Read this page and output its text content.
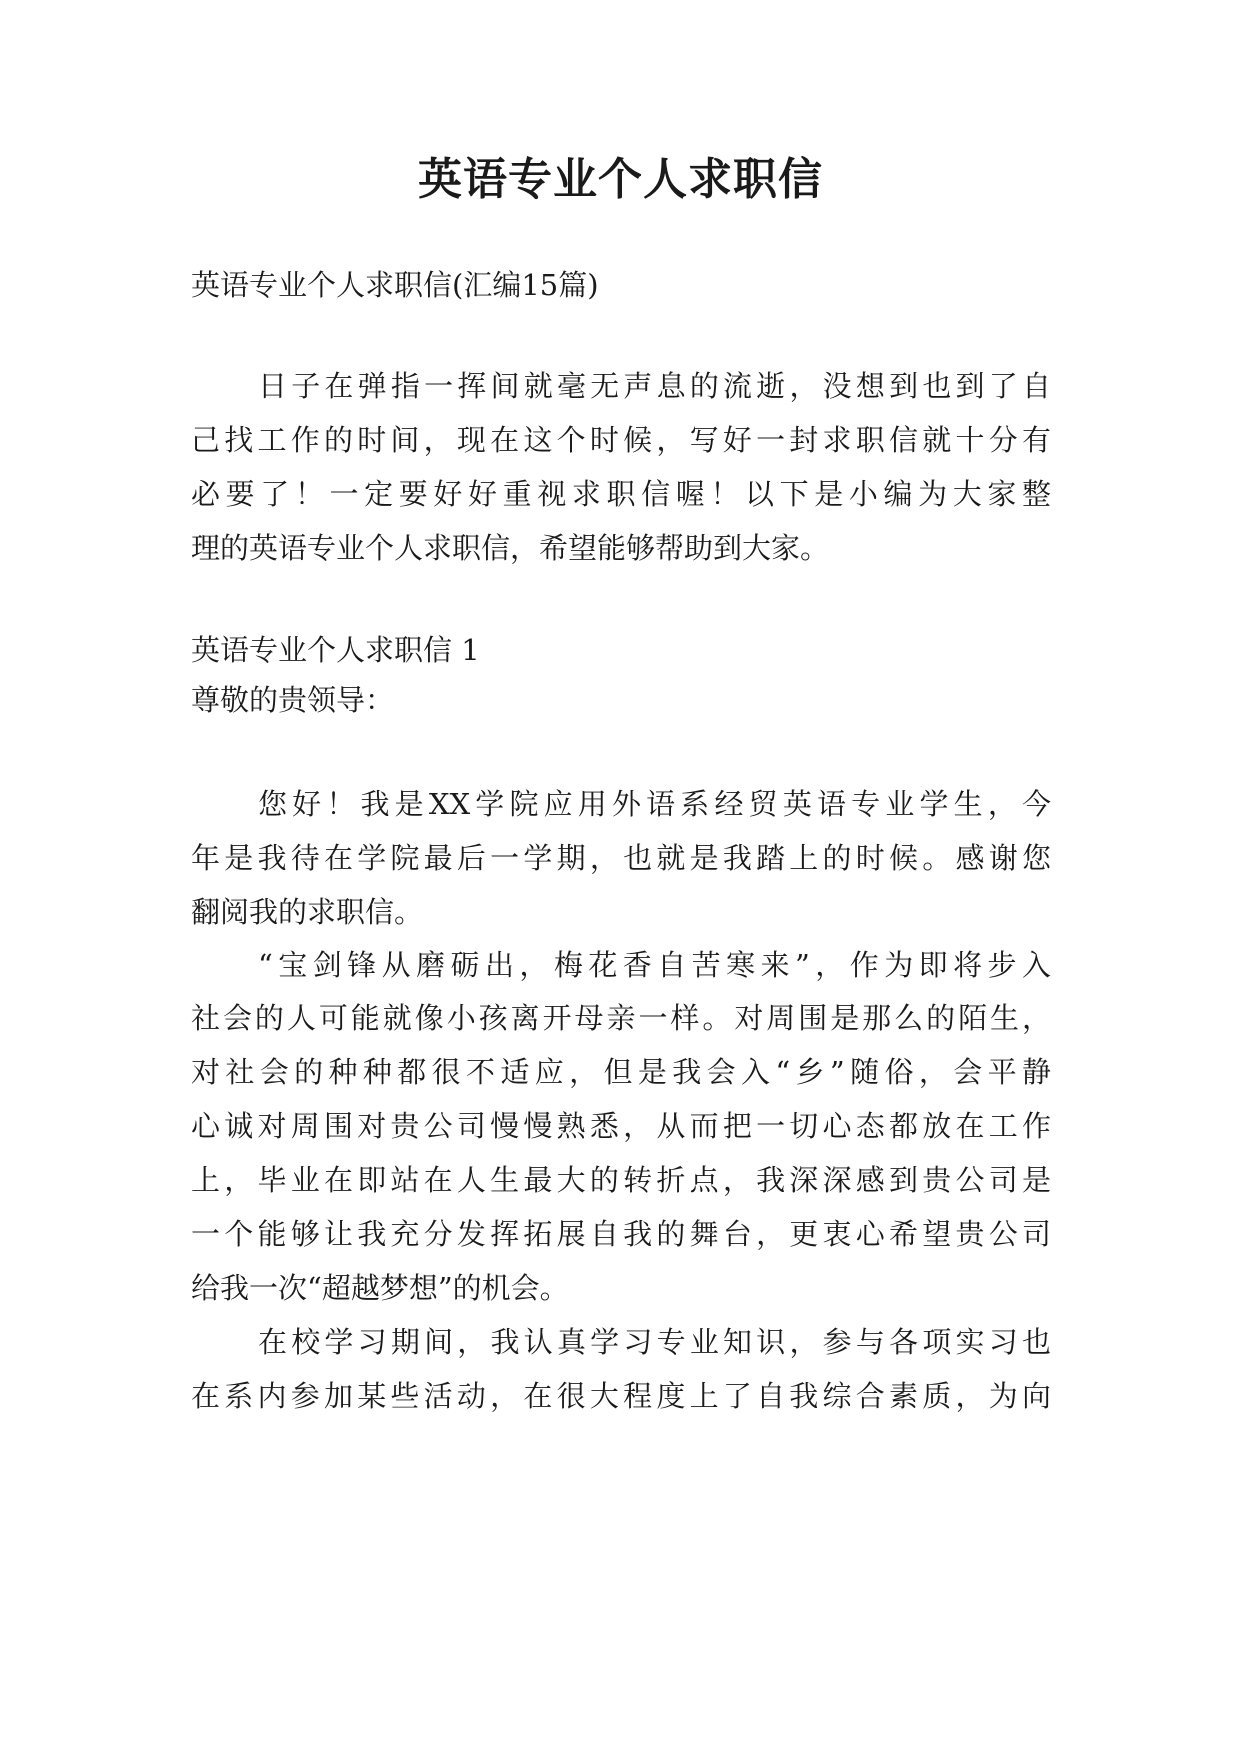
英语专业个人求职信
英语专业个人求职信(汇编15篇)
日子在弹指一挥间就毫无声息的流逝，没想到也到了自
己找工作的时间，现在这个时候，写好一封求职信就十分有
必要了！一定要好好重视求职信喔！以下是小编为大家整
理的英语专业个人求职信，希望能够帮助到大家。
英语专业个人求职信 1
尊敬的贵领导：
您好！我是XX学院应用外语系经贸英语专业学生，今
年是我待在学院最后一学期，也就是我踏上的时候。感谢您
翻阅我的求职信。
“宝剑锋从磨砺出，梅花香自苦寒来”，作为即将步入
社会的人可能就像小孩离开母亲一样。对周围是那么的陌生，
对社会的种种都很不适应，但是我会入“乡”随俗，会平静
心诚对周围对贵公司慢慢熟悉，从而把一切心态都放在工作
上，毕业在即站在人生最大的转折点，我深深感到贵公司是
一个能够让我充分发挥拓展自我的舞台，更衷心希望贵公司
给我一次“超越梦想”的机会。
在校学习期间，我认真学习专业知识，参与各项实习也
在系内参加某些活动，在很大程度上了自我综合素质，为向
